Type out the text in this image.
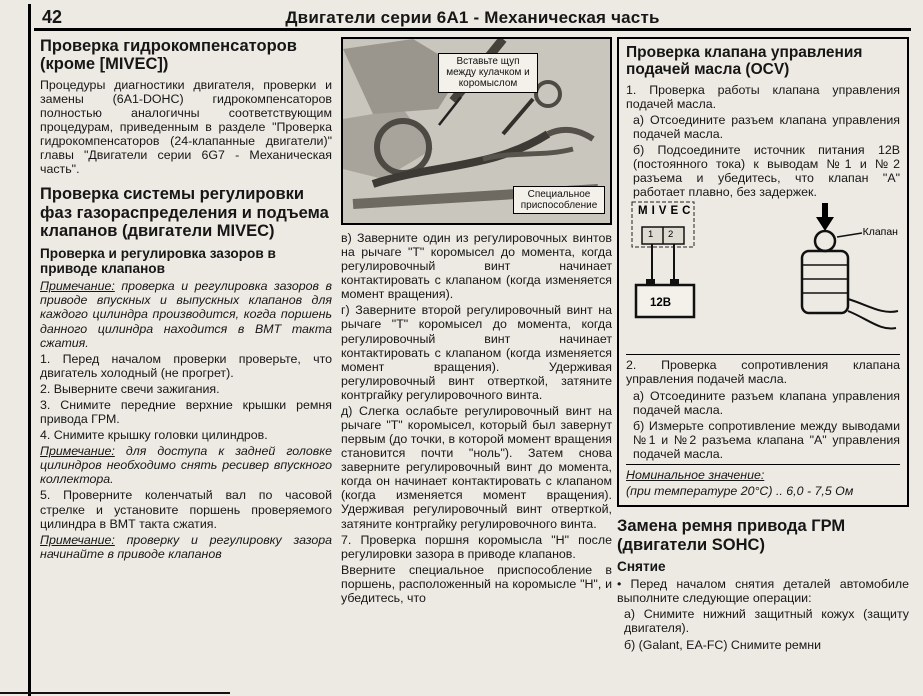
42	Двигатели серии 6А1 - Механическая часть
Проверка гидрокомпенсаторов (кроме [MIVEC])

Процедуры диагностики двигателя, проверки и замены (6А1-DOHC) гидрокомпенсаторов полностью аналогичны соответствующим процедурам, приведенным в разделе "Проверка гидрокомпенсаторов (24-клапанные двигатели)" главы "Двигатели серии 6G7 - Механическая часть".

Проверка системы регулировки фаз газораспределения и подъема клапанов (двигатели MIVEC)
Проверка и регулировка зазоров в приводе клапанов

Примечание: проверка и регулировка зазоров в приводе впускных и выпускных клапанов для каждого цилиндра производится, когда поршень данного цилиндра находится в ВМТ такта сжатия.

1. Перед началом проверки проверьте, что двигатель холодный (не прогрет).

2. Выверните свечи зажигания.

3. Снимите передние верхние крышки ремня привода ГРМ.

4. Снимите крышку головки цилиндров.

Примечание: для доступа к задней головке цилиндров необходимо снять ресивер впускного коллектора.

5. Проверните коленчатый вал по часовой стрелке и установите поршень проверяемого цилиндра в ВМТ такта сжатия.

Примечание: проверку и регулировку зазора начинайте в приводе клапанов

Вставьте щуп между кулачком и коромыслом
Специальное приспособление

в) Заверните один из регулировочных винтов на рычаге "Т" коромысел до момента, когда регулировочный винт начинает контактировать с клапаном (когда изменяется момент вращения).

г) Заверните второй регулировочный винт на рычаге "Т" коромысел до момента, когда регулировочный винт начинает контактировать с клапаном (когда изменяется момент вращения). Удерживая регулировочный винт отверткой, затяните контргайку регулировочного винта.

д) Слегка ослабьте регулировочный винт на рычаге "Т" коромысел, который был завернут первым (до точки, в которой момент вращения становится почти "ноль"). Затем снова заверните регулировочный винт до момента, когда он начинает контактировать с клапаном (когда изменяется момент вращения). Удерживая регулировочный винт отверткой, затяните контргайку регулировочного винта.

7. Проверка поршня коромысла "Н" после регулировки зазора в приводе клапанов.

Вверните специальное приспособление в поршень, расположенный на коромысле "Н", и убедитесь, что

Проверка клапана управления подачей масла (OCV)

1. Проверка работы клапана управления подачей масла.

а) Отсоедините разъем клапана управления подачей масла.

б) Подсоедините источник питания 12В (постоянного тока) к выводам №1 и №2 разъема и убедитесь, что клапан "А" работает плавно, без задержек.

MIVEC
1 2
12В
Клапан

2. Проверка сопротивления клапана управления подачей масла.

а) Отсоедините разъем клапана управления подачей масла.

б) Измерьте сопротивление между выводами №1 и №2 разъема клапана "А" управления подачей масла.

Номинальное значение:

(при температуре 20°С) .. 6,0 - 7,5 Ом

Замена ремня привода ГРМ (двигатели SOHC)
Снятие

• Перед началом снятия деталей автомобиле выполните следующие операции:

а) Снимите нижний защитный кожух (защиту двигателя).

б) (Galant, EA-FC) Снимите ремни
